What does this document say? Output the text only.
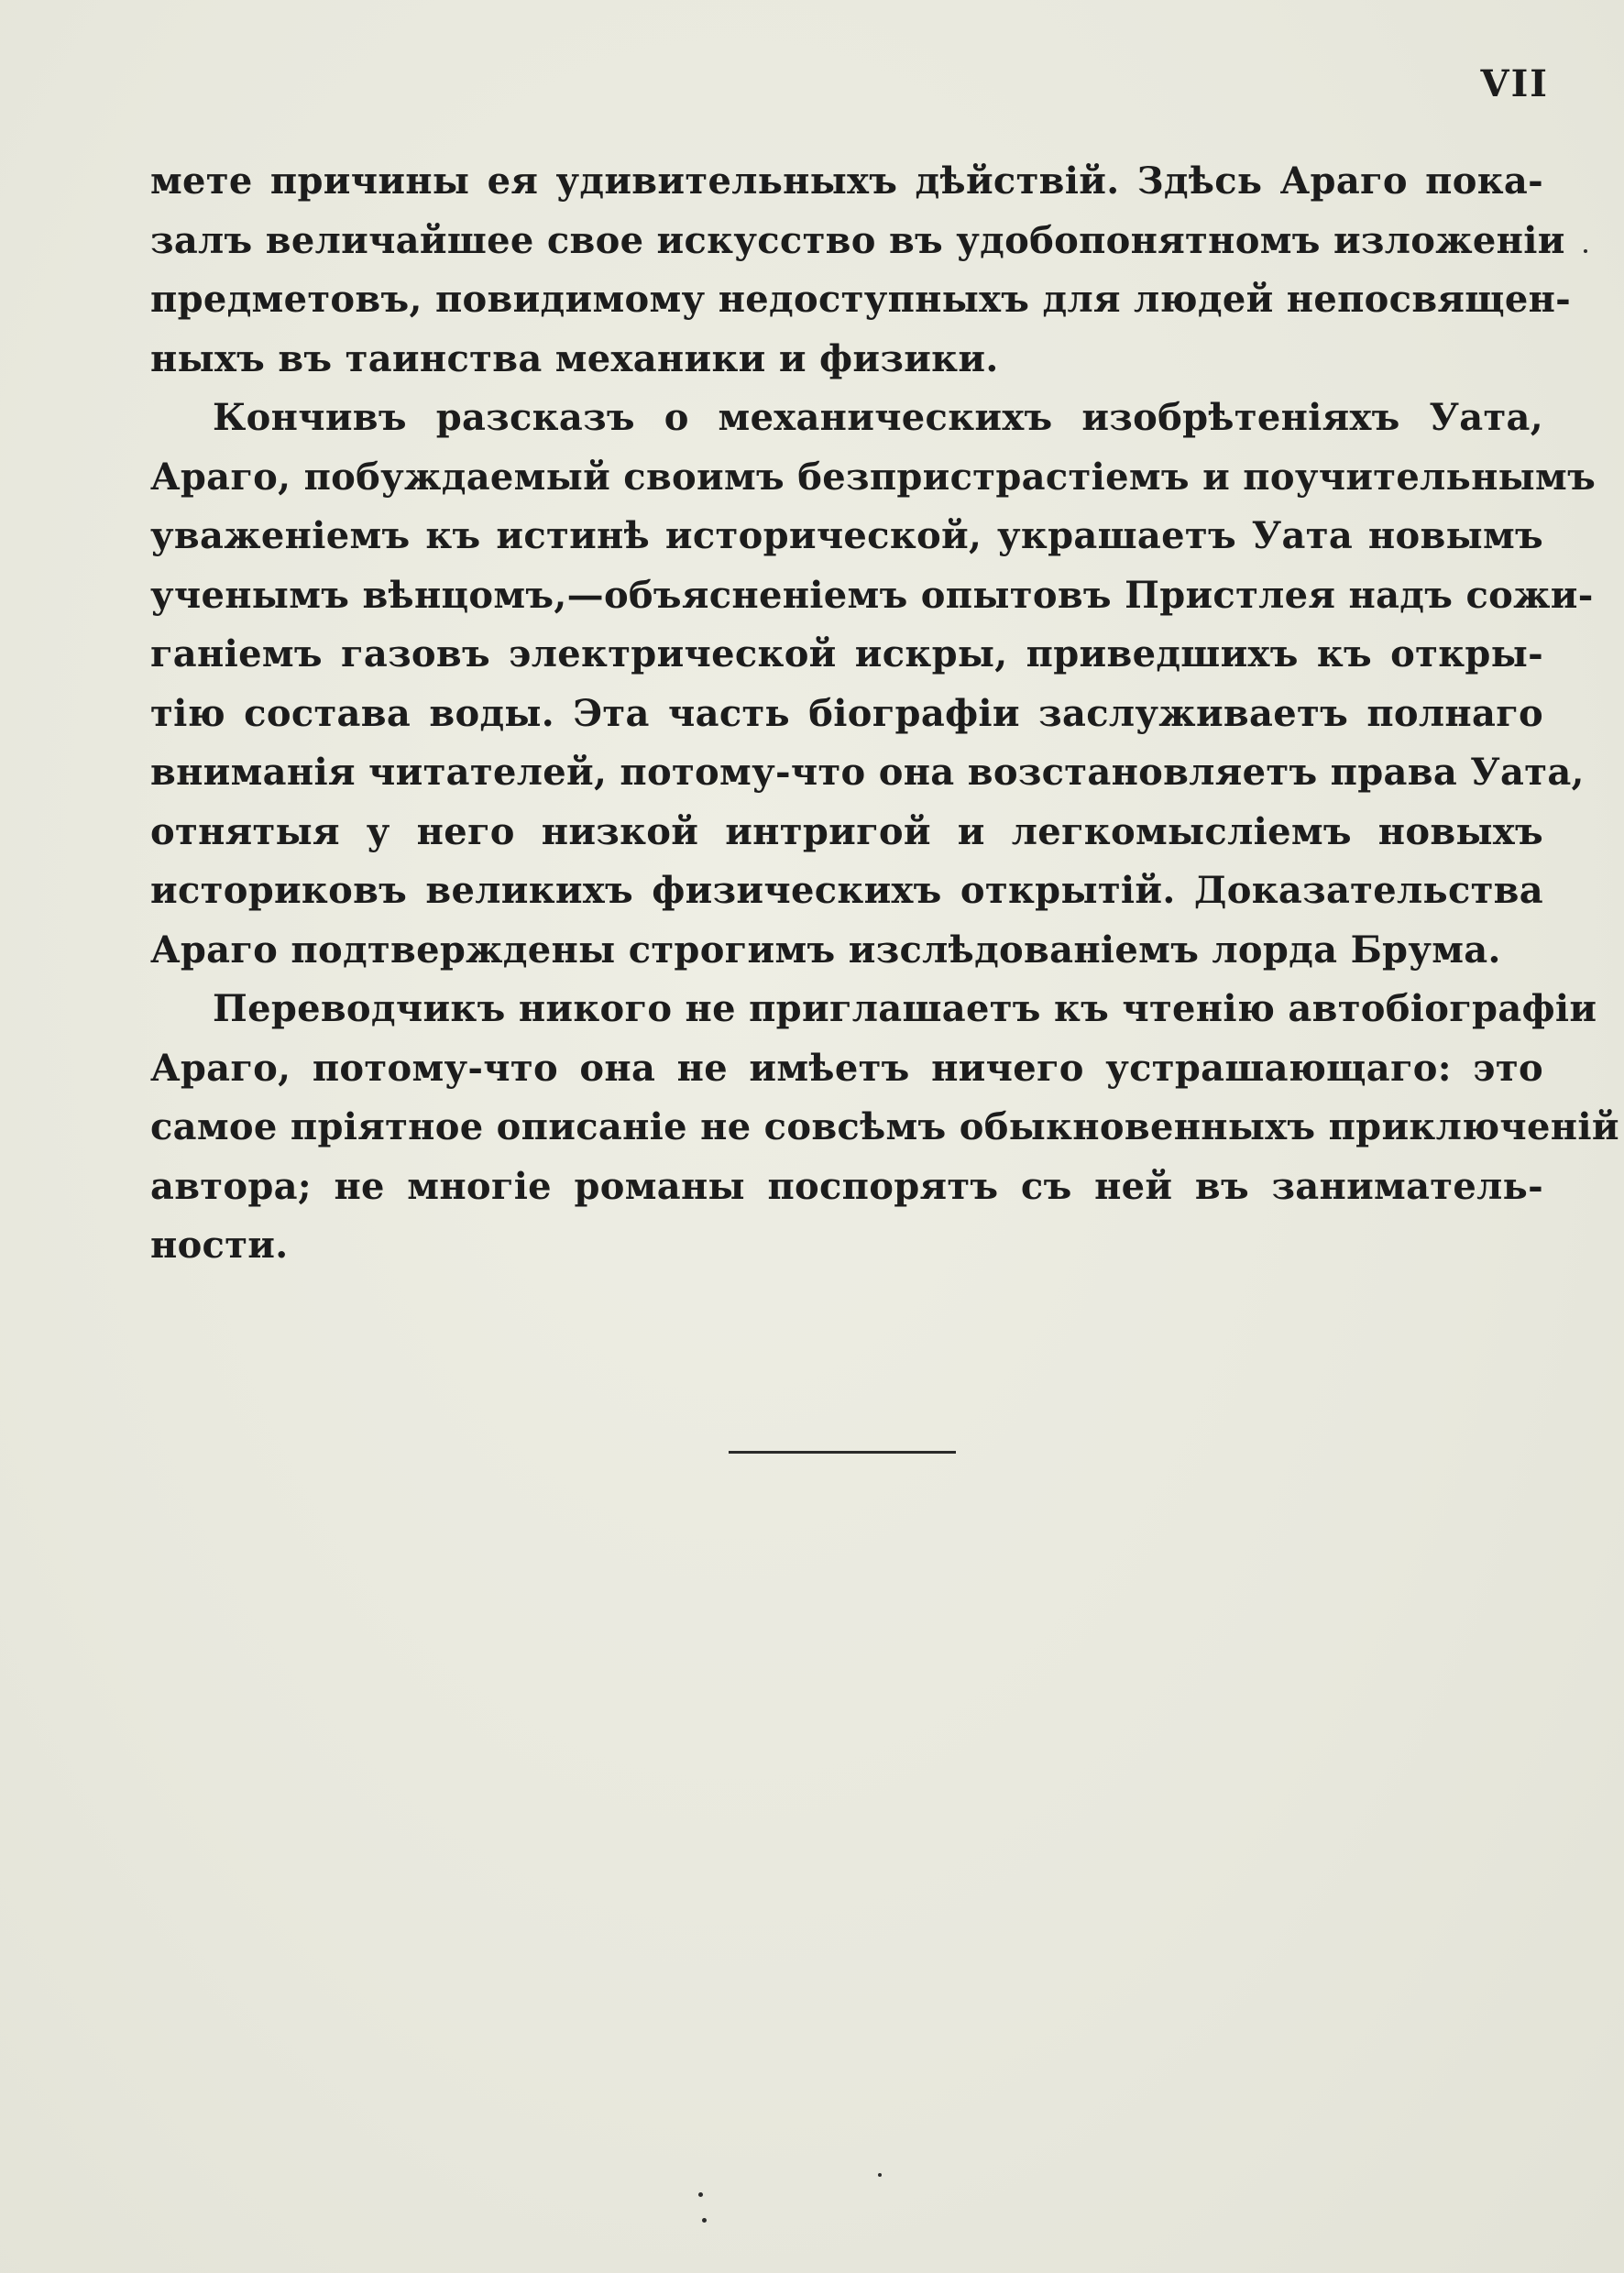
VII

мете причины ея удивительныхъ дѣйствій. Здѣсь Араго пока-
залъ величайшее свое искусство въ удобопонятномъ изложеніи
предметовъ, повидимому недоступныхъ для людей непосвящен-
ныхъ въ таинства механики и физики.
Кончивъ разсказъ о механическихъ изобрѣтеніяхъ Уата,
Араго, побуждаемый своимъ безпристрастіемъ и поучительнымъ
уваженіемъ къ истинѣ исторической, украшаетъ Уата новымъ
ученымъ вѣнцомъ,—объясненіемъ опытовъ Пристлея надъ сожи-
ганіемъ газовъ электрической искры, приведшихъ къ откры-
тію состава воды. Эта часть біографіи заслуживаетъ полнаго
вниманія читателей, потому-что она возстановляетъ права Уата,
отнятыя у него низкой интригой и легкомысліемъ новыхъ
историковъ великихъ физическихъ открытій. Доказательства
Араго подтверждены строгимъ изслѣдованіемъ лорда Брума.
Переводчикъ никого не приглашаетъ къ чтенію автобіографіи
Араго, потому-что она не имѣетъ ничего устрашающаго: это
самое пріятное описаніе не совсѣмъ обыкновенныхъ приключеній
автора; не многіе романы поспорятъ съ ней въ заниматель-
ности.
